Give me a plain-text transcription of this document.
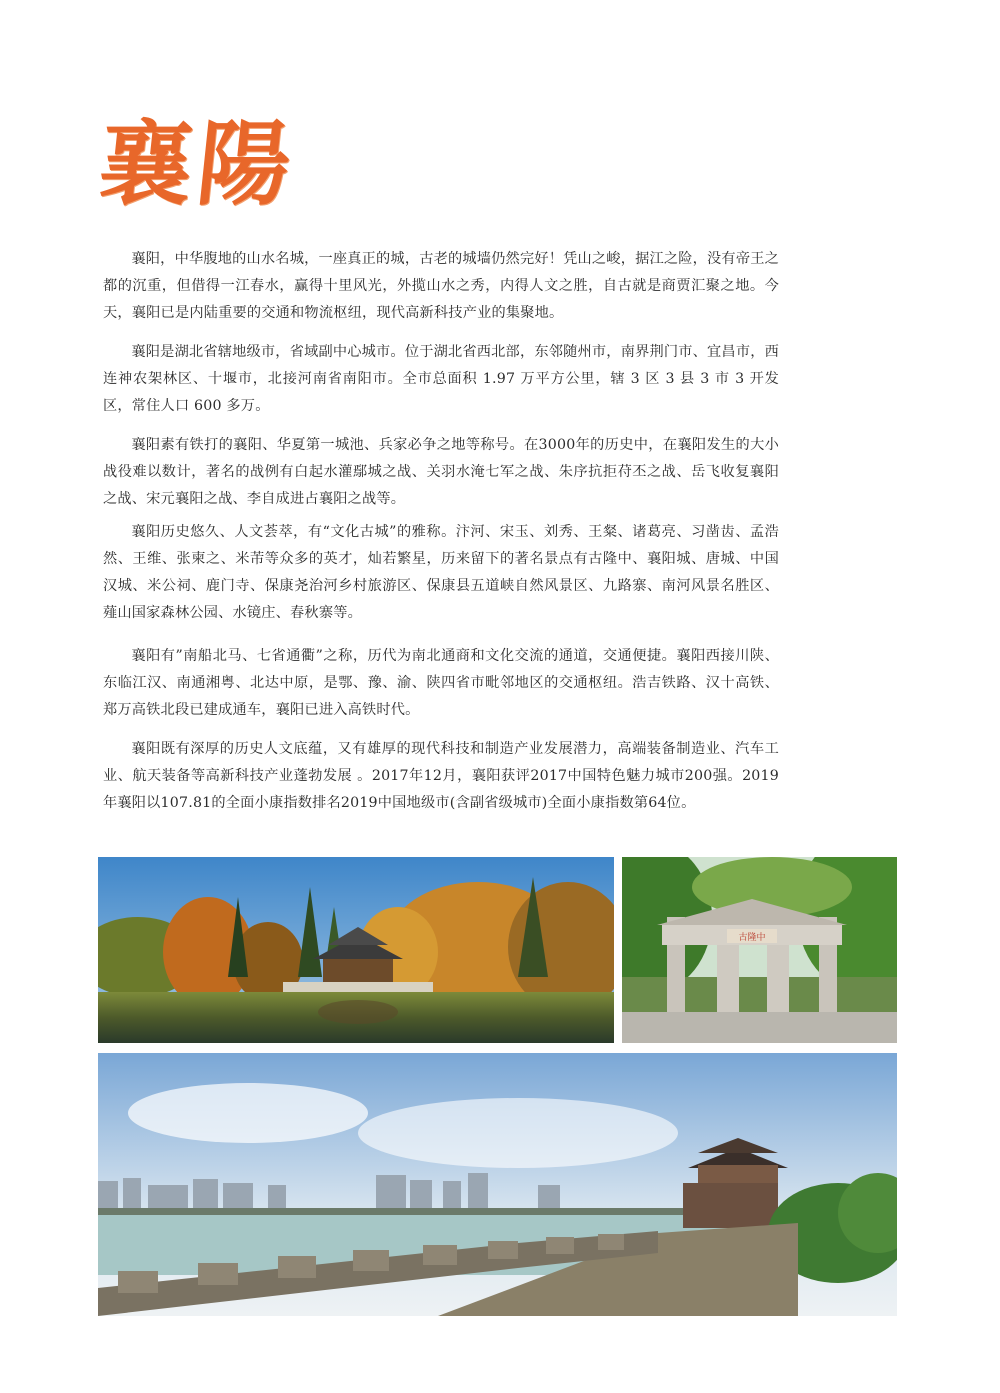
襄陽

襄阳，中华腹地的山水名城，一座真正的城，古老的城墙仍然完好！凭山之峻，据江之险，没有帝王之都的沉重，但借得一江春水，赢得十里风光，外揽山水之秀，内得人文之胜，自古就是商贾汇聚之地。今天，襄阳已是内陆重要的交通和物流枢纽，现代高新科技产业的集聚地。

襄阳是湖北省辖地级市，省域副中心城市。位于湖北省西北部，东邻随州市，南界荆门市、宜昌市，西连神农架林区、十堰市，北接河南省南阳市。全市总面积 1.97 万平方公里，辖 3 区 3 县 3 市 3 开发区，常住人口 600 多万。

襄阳素有铁打的襄阳、华夏第一城池、兵家必争之地等称号。在3000年的历史中，在襄阳发生的大小战役难以数计，著名的战例有白起水灌鄢城之战、关羽水淹七军之战、朱序抗拒苻丕之战、岳飞收复襄阳之战、宋元襄阳之战、李自成进占襄阳之战等。

襄阳历史悠久、人文荟萃，有“文化古城”的雅称。汴河、宋玉、刘秀、王粲、诸葛亮、习凿齿、孟浩然、王维、张柬之、米芾等众多的英才，灿若繁星，历来留下的著名景点有古隆中、襄阳城、唐城、中国汉城、米公祠、鹿门寺、保康尧治河乡村旅游区、保康县五道峡自然风景区、九路寨、南河风景名胜区、薤山国家森林公园、水镜庄、春秋寨等。

襄阳有”南船北马、七省通衢”之称，历代为南北通商和文化交流的通道，交通便捷。襄阳西接川陕、东临江汉、南通湘粤、北达中原，是鄂、豫、渝、陕四省市毗邻地区的交通枢纽。浩吉铁路、汉十高铁、郑万高铁北段已建成通车，襄阳已进入高铁时代。

襄阳既有深厚的历史人文底蕴，又有雄厚的现代科技和制造产业发展潜力，高端装备制造业、汽车工业、航天装备等高新科技产业蓬勃发展 。2017年12月，襄阳获评2017中国特色魅力城市200强。2019年襄阳以107.81的全面小康指数排名2019中国地级市(含副省级城市)全面小康指数第64位。

古隆中
